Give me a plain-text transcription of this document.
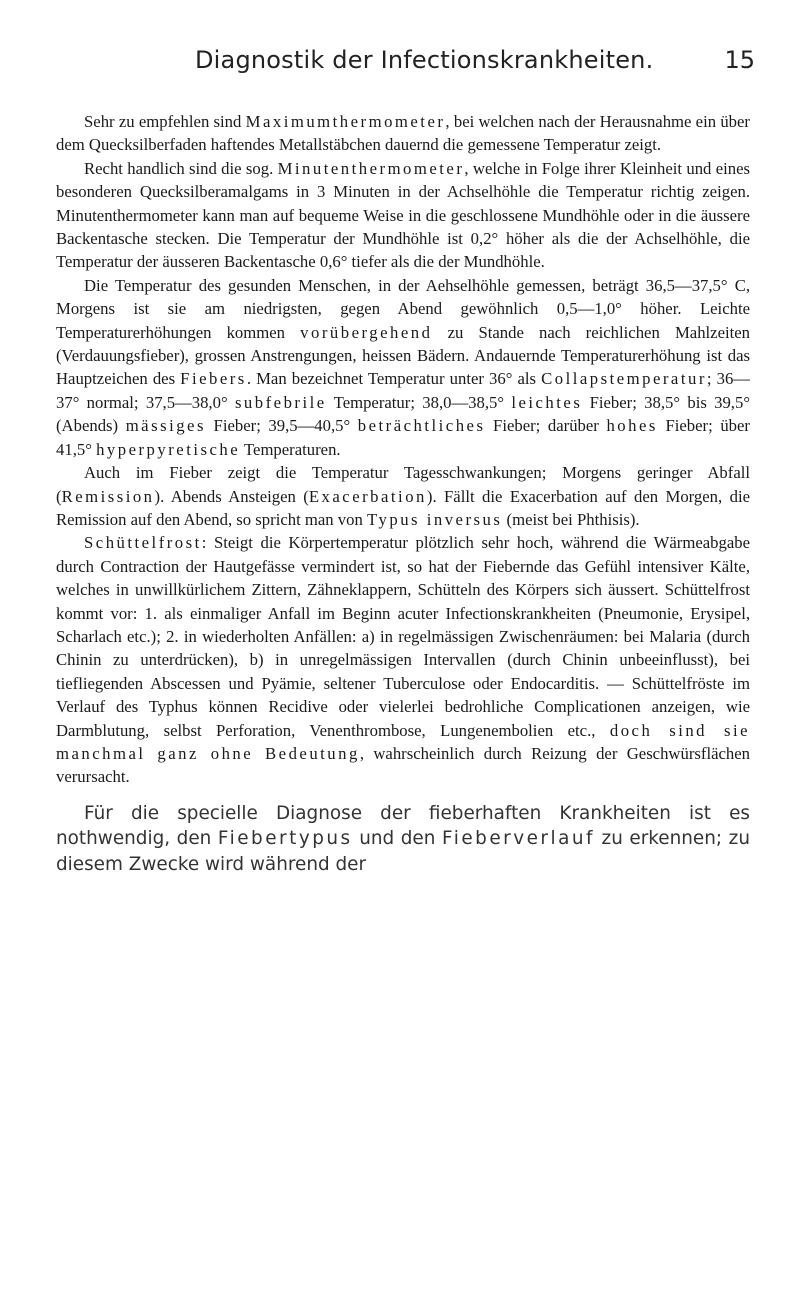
Diagnostik der Infectionskrankheiten.	15

Sehr zu empfehlen sind Maximumthermometer, bei welchen nach der Herausnahme ein über dem Quecksilberfaden haftendes Metallstäbchen dauernd die gemessene Temperatur zeigt.

Recht handlich sind die sog. Minutenthermometer, welche in Folge ihrer Kleinheit und eines besonderen Quecksilberamalgams in 3 Minuten in der Achselhöhle die Temperatur richtig zeigen. Minutenthermometer kann man auf bequeme Weise in die geschlossene Mundhöhle oder in die äussere Backentasche stecken. Die Temperatur der Mundhöhle ist 0,2° höher als die der Achselhöhle, die Temperatur der äusseren Backentasche 0,6° tiefer als die der Mundhöhle.

Die Temperatur des gesunden Menschen, in der Aehselhöhle gemessen, beträgt 36,5—37,5° C, Morgens ist sie am niedrigsten, gegen Abend gewöhnlich 0,5—1,0° höher. Leichte Temperaturerhöhungen kommen vorübergehend zu Stande nach reichlichen Mahlzeiten (Verdauungsfieber), grossen Anstrengungen, heissen Bädern. Andauernde Temperaturerhöhung ist das Hauptzeichen des Fiebers. Man bezeichnet Temperatur unter 36° als Collapstemperatur; 36—37° normal; 37,5—38,0° subfebrile Temperatur; 38,0—38,5° leichtes Fieber; 38,5° bis 39,5° (Abends) mässiges Fieber; 39,5—40,5° beträchtliches Fieber; darüber hohes Fieber; über 41,5° hyperpyretische Temperaturen.

Auch im Fieber zeigt die Temperatur Tagesschwankungen; Morgens geringer Abfall (Remission). Abends Ansteigen (Exacerbation). Fällt die Exacerbation auf den Morgen, die Remission auf den Abend, so spricht man von Typus inversus (meist bei Phthisis).

Schüttelfrost: Steigt die Körpertemperatur plötzlich sehr hoch, während die Wärmeabgabe durch Contraction der Hautgefässe vermindert ist, so hat der Fiebernde das Gefühl intensiver Kälte, welches in unwillkürlichem Zittern, Zähneklappern, Schütteln des Körpers sich äussert. Schüttelfrost kommt vor: 1. als einmaliger Anfall im Beginn acuter Infectionskrankheiten (Pneumonie, Erysipel, Scharlach etc.); 2. in wiederholten Anfällen: a) in regelmässigen Zwischenräumen: bei Malaria (durch Chinin zu unterdrücken), b) in unregelmässigen Intervallen (durch Chinin unbeeinflusst), bei tiefliegenden Abscessen und Pyämie, seltener Tuberculose oder Endocarditis. — Schüttelfröste im Verlauf des Typhus können Recidive oder vielerlei bedrohliche Complicationen anzeigen, wie Darmblutung, selbst Perforation, Venenthrombose, Lungenembolien etc., doch sind sie manchmal ganz ohne Bedeutung, wahrscheinlich durch Reizung der Geschwürsflächen verursacht.

Für die specielle Diagnose der fieberhaften Krankheiten ist es nothwendig, den Fiebertypus und den Fieberverlauf zu erkennen; zu diesem Zwecke wird während der
